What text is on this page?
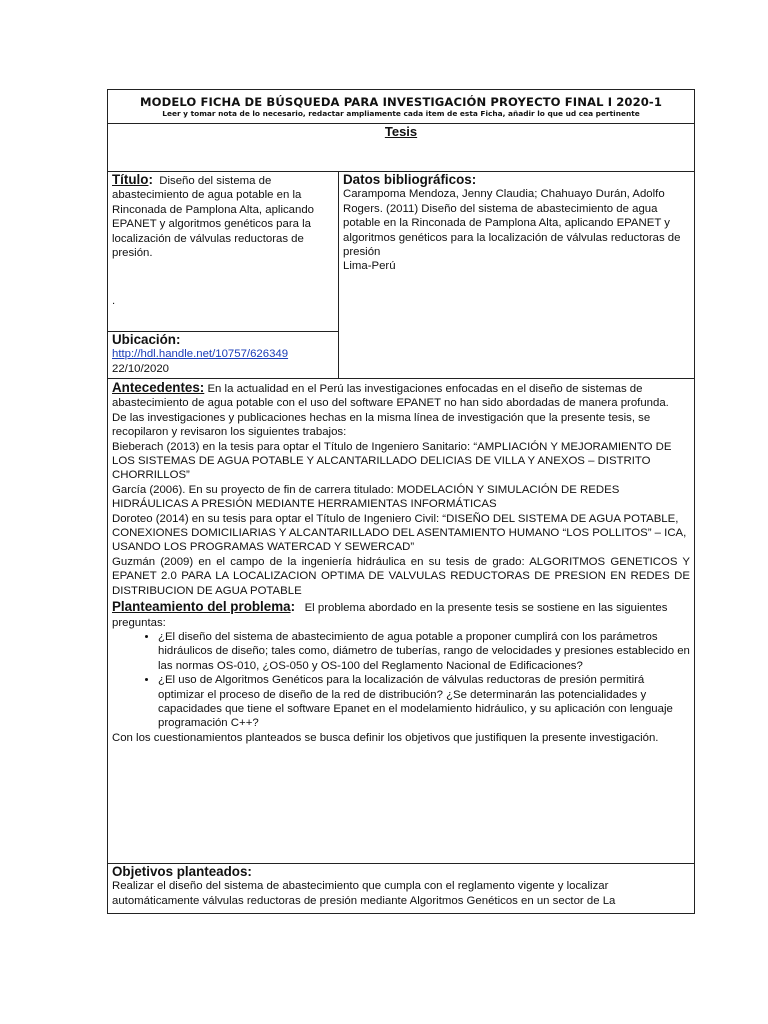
MODELO FICHA DE BÚSQUEDA PARA INVESTIGACIÓN PROYECTO FINAL I 2020-1
Leer y tomar nota de lo necesario, redactar ampliamente cada item de esta Ficha, añadir lo que ud cea pertinente

Tesis

Título: Diseño del sistema de abastecimiento de agua potable en la Rinconada de Pamplona Alta, aplicando EPANET y algoritmos genéticos para la localización de válvulas reductoras de presión.

.

Datos bibliográficos:

Carampoma Mendoza, Jenny Claudia; Chahuayo Durán, Adolfo Rogers. (2011) Diseño del sistema de abastecimiento de agua potable en la Rinconada de Pamplona Alta, aplicando EPANET y algoritmos genéticos para la localización de válvulas reductoras de presión

Lima-Perú

Ubicación:

http://hdl.handle.net/10757/626349

22/10/2020

Antecedentes: En la actualidad en el Perú las investigaciones enfocadas en el diseño de sistemas de abastecimiento de agua potable con el uso del software EPANET no han sido abordadas de manera profunda.

De las investigaciones y publicaciones hechas en la misma línea de investigación que la presente tesis, se recopilaron y revisaron los siguientes trabajos:

Bieberach (2013) en la tesis para optar el Título de Ingeniero Sanitario: “AMPLIACIÓN Y MEJORAMIENTO DE LOS SISTEMAS DE AGUA POTABLE Y ALCANTARILLADO DELICIAS DE VILLA Y ANEXOS – DISTRITO CHORRILLOS”

García (2006). En su proyecto de fin de carrera titulado: MODELACIÓN Y SIMULACIÓN DE REDES HIDRÁULICAS A PRESIÓN MEDIANTE HERRAMIENTAS INFORMÁTICAS

Doroteo (2014) en su tesis para optar el Título de Ingeniero Civil: “DISEÑO DEL SISTEMA DE AGUA POTABLE, CONEXIONES DOMICILIARIAS Y ALCANTARILLADO DEL ASENTAMIENTO HUMANO “LOS POLLITOS” – ICA, USANDO LOS PROGRAMAS WATERCAD Y SEWERCAD”

Guzmán (2009) en el campo de la ingeniería hidráulica en su tesis de grado: ALGORITMOS GENETICOS Y EPANET 2.0 PARA LA LOCALIZACION OPTIMA DE VALVULAS REDUCTORAS DE PRESION EN REDES DE DISTRIBUCION DE AGUA POTABLE

Planteamiento del problema: El problema abordado en la presente tesis se sostiene en las siguientes preguntas:

• ¿El diseño del sistema de abastecimiento de agua potable a proponer cumplirá con los parámetros hidráulicos de diseño; tales como, diámetro de tuberías, rango de velocidades y presiones establecido en las normas OS-010, ¿OS-050 y OS-100 del Reglamento Nacional de Edificaciones?
• ¿El uso de Algoritmos Genéticos para la localización de válvulas reductoras de presión permitirá optimizar el proceso de diseño de la red de distribución? ¿Se determinarán las potencialidades y capacidades que tiene el software Epanet en el modelamiento hidráulico, y su aplicación con lenguaje programación C++?

Con los cuestionamientos planteados se busca definir los objetivos que justifiquen la presente investigación.

Objetivos planteados:

Realizar el diseño del sistema de abastecimiento que cumpla con el reglamento vigente y localizar automáticamente válvulas reductoras de presión mediante Algoritmos Genéticos en un sector de La
